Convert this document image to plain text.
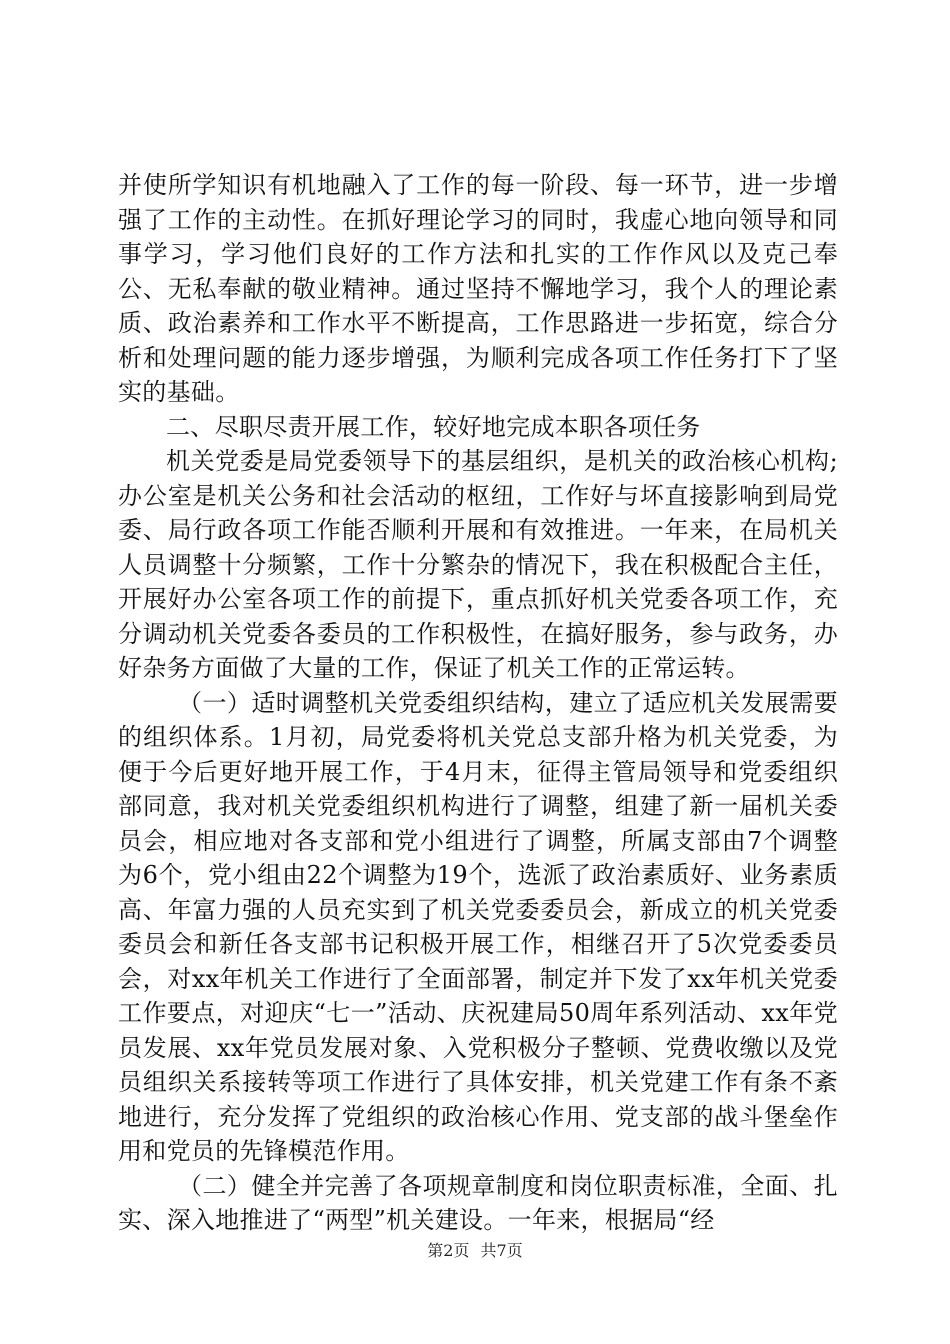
并使所学知识有机地融入了工作的每一阶段、每一环节，进一步增强了工作的主动性。在抓好理论学习的同时，我虚心地向领导和同事学习，学习他们良好的工作方法和扎实的工作作风以及克己奉公、无私奉献的敬业精神。通过坚持不懈地学习，我个人的理论素质、政治素养和工作水平不断提高，工作思路进一步拓宽，综合分析和处理问题的能力逐步增强，为顺利完成各项工作任务打下了坚实的基础。

二、尽职尽责开展工作，较好地完成本职各项任务

机关党委是局党委领导下的基层组织，是机关的政治核心机构;办公室是机关公务和社会活动的枢纽，工作好与坏直接影响到局党委、局行政各项工作能否顺利开展和有效推进。一年来，在局机关人员调整十分频繁，工作十分繁杂的情况下，我在积极配合主任，开展好办公室各项工作的前提下，重点抓好机关党委各项工作，充分调动机关党委各委员的工作积极性，在搞好服务，参与政务，办好杂务方面做了大量的工作，保证了机关工作的正常运转。

（一）适时调整机关党委组织结构，建立了适应机关发展需要的组织体系。1月初，局党委将机关党总支部升格为机关党委，为便于今后更好地开展工作，于4月末，征得主管局领导和党委组织部同意，我对机关党委组织机构进行了调整，组建了新一届机关委员会，相应地对各支部和党小组进行了调整，所属支部由7个调整为6个，党小组由22个调整为19个，选派了政治素质好、业务素质高、年富力强的人员充实到了机关党委委员会，新成立的机关党委委员会和新任各支部书记积极开展工作，相继召开了5次党委委员会，对xx年机关工作进行了全面部署，制定并下发了xx年机关党委工作要点，对迎庆“七一”活动、庆祝建局50周年系列活动、xx年党员发展、xx年党员发展对象、入党积极分子整顿、党费收缴以及党员组织关系接转等项工作进行了具体安排，机关党建工作有条不紊地进行，充分发挥了党组织的政治核心作用、党支部的战斗堡垒作用和党员的先锋模范作用。

（二）健全并完善了各项规章制度和岗位职责标准，全面、扎实、深入地推进了“两型”机关建设。一年来，根据局“经

第2页 共7页
